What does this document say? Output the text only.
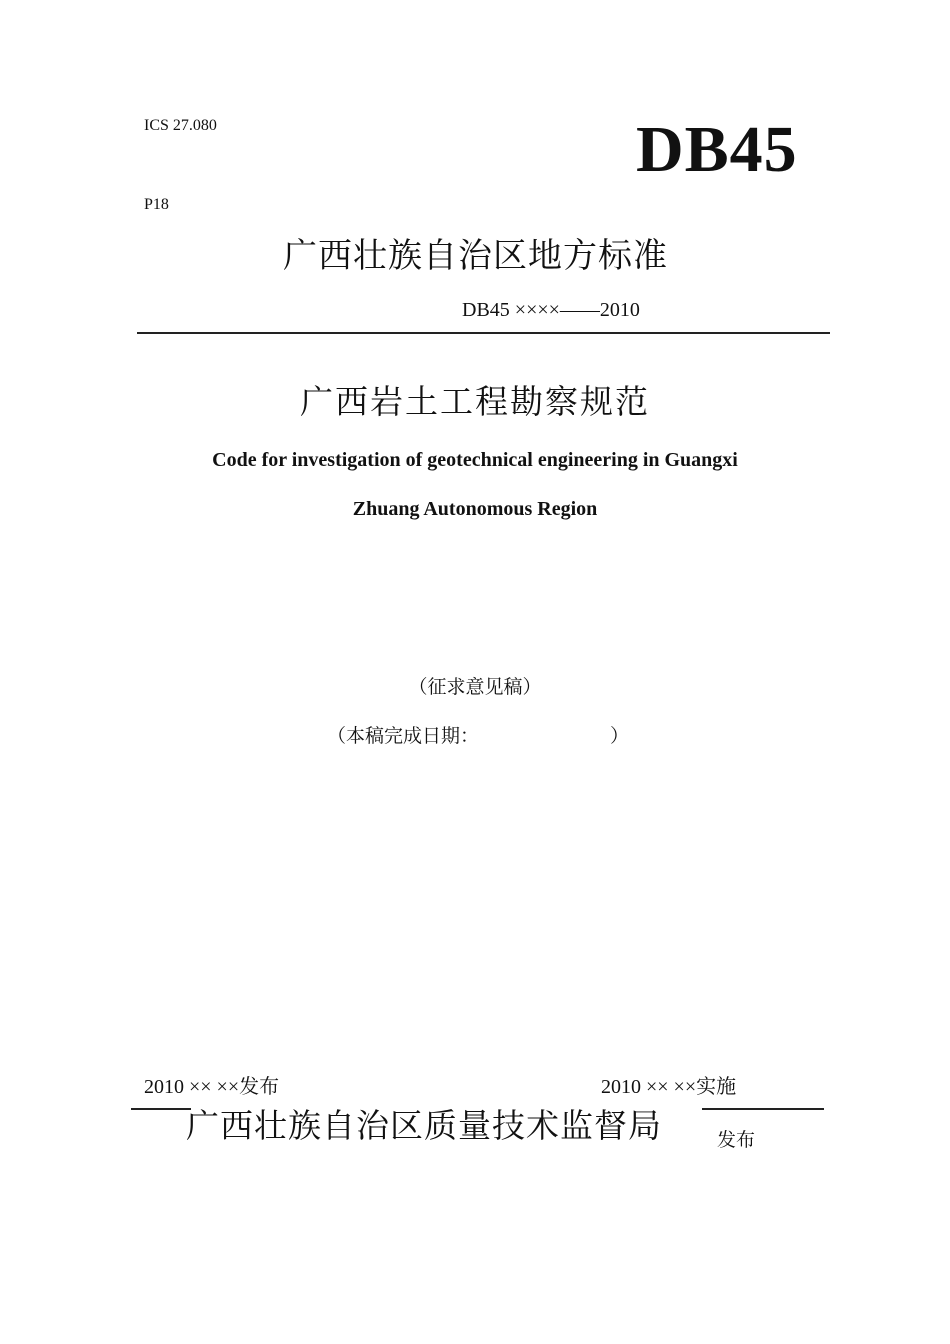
ICS 27.080
P18
DB45
广西壮族自治区地方标准
DB45 ××××——2010
广西岩土工程勘察规范
Code for investigation of geotechnical engineering in Guangxi
Zhuang Autonomous Region
（征求意见稿）
（本稿完成日期：	）
2010 ×× ××发布	2010 ×× ××实施
广西壮族自治区质量技术监督局	发布
